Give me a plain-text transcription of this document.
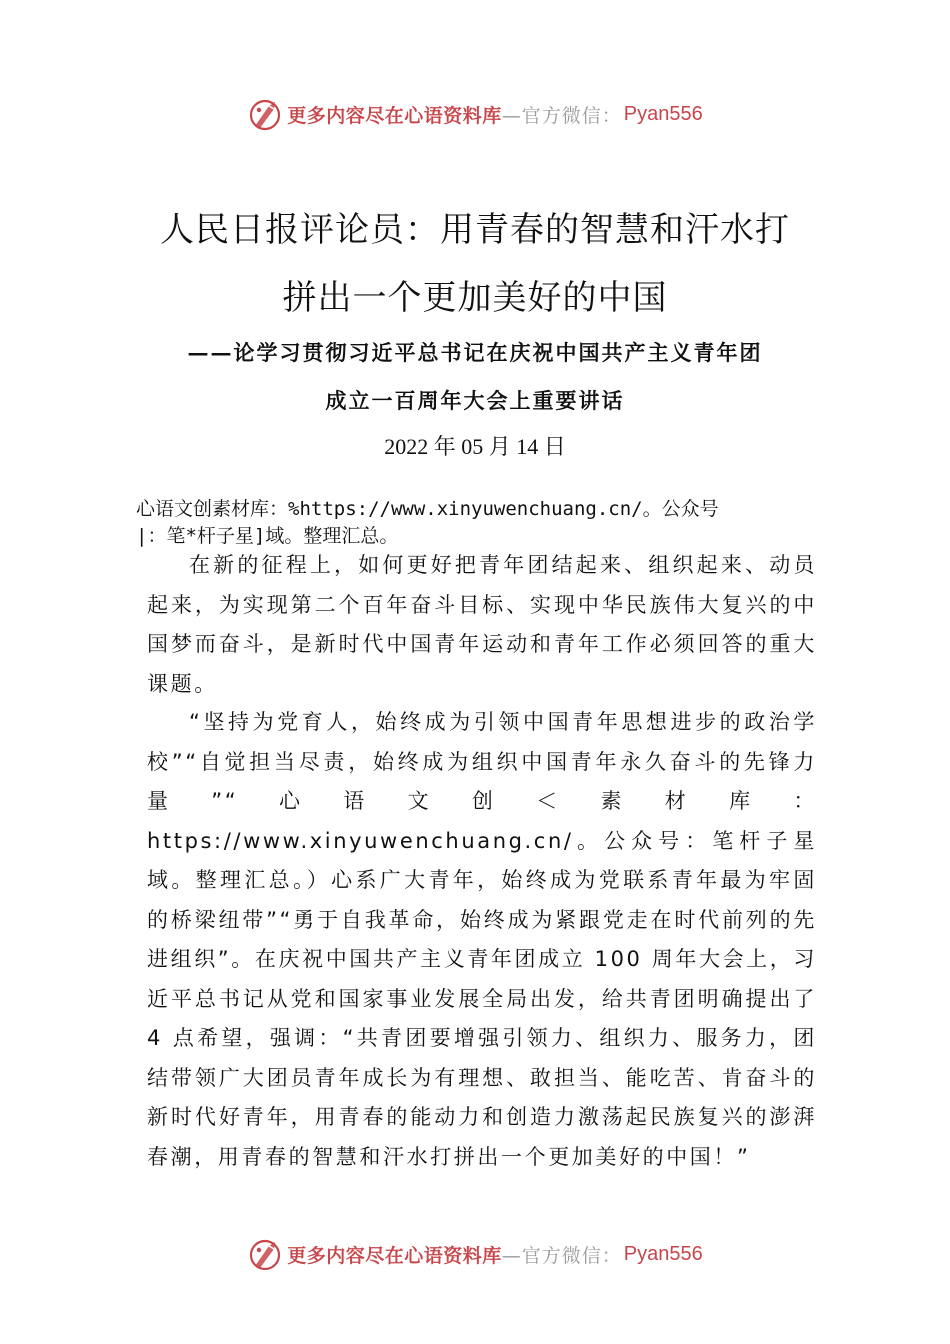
更多内容尽在心语资料库 —官方微信： Pyan556
人民日报评论员：用青春的智慧和汗水打
拼出一个更加美好的中国
——论学习贯彻习近平总书记在庆祝中国共产主义青年团
成立一百周年大会上重要讲话
2022 年 05 月 14 日
心语文创素材库：%https://www.xinyuwenchuang.cn/。公众号
|：笔*杆子星]域。整理汇总。

在新的征程上，如何更好把青年团结起来、组织起来、动员起来，为实现第二个百年奋斗目标、实现中华民族伟大复兴的中国梦而奋斗，是新时代中国青年运动和青年工作必须回答的重大课题。

“坚持为党育人，始终成为引领中国青年思想进步的政治学校”“自觉担当尽责，始终成为组织中国青年永久奋斗的先锋力量”“心语文创＜素材库：https://www.xinyuwenchuang.cn/。公众号：笔杆子星域。整理汇总。）心系广大青年，始终成为党联系青年最为牢固的桥梁纽带”“勇于自我革命，始终成为紧跟党走在时代前列的先进组织”。在庆祝中国共产主义青年团成立 100 周年大会上，习近平总书记从党和国家事业发展全局出发，给共青团明确提出了 4 点希望，强调：“共青团要增强引领力、组织力、服务力，团结带领广大团员青年成长为有理想、敢担当、能吃苦、肯奋斗的新时代好青年，用青春的能动力和创造力激荡起民族复兴的澎湃春潮，用青春的智慧和汗水打拼出一个更加美好的中国！”

更多内容尽在心语资料库 —官方微信： Pyan556
